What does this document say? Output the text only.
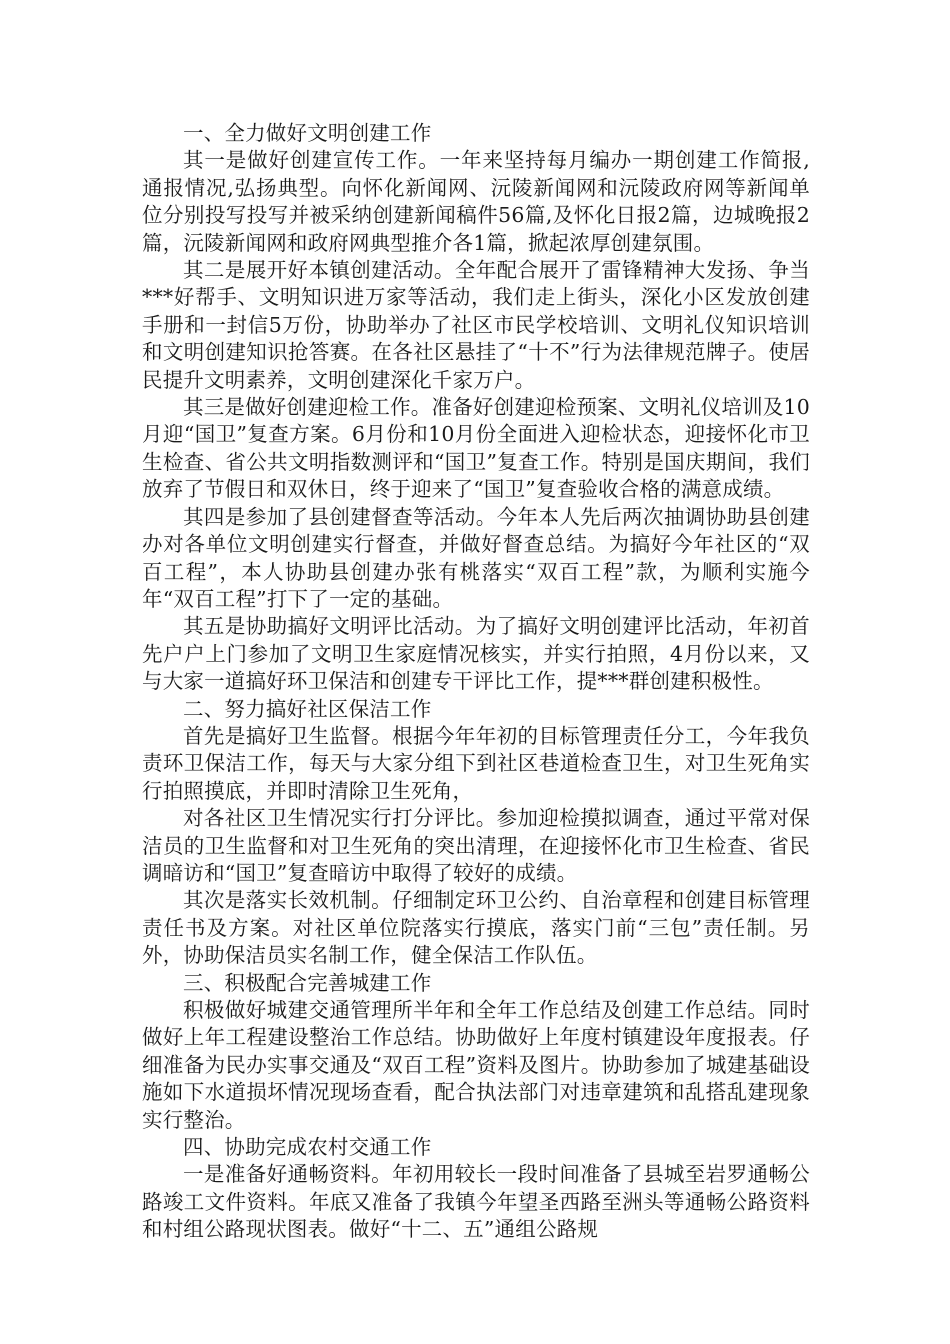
一、全力做好文明创建工作

其一是做好创建宣传工作。一年来坚持每月编办一期创建工作简报,通报情况,弘扬典型。向怀化新闻网、沅陵新闻网和沅陵政府网等新闻单位分别投写投写并被采纳创建新闻稿件56篇,及怀化日报2篇，边城晚报2篇，沅陵新闻网和政府网典型推介各1篇，掀起浓厚创建氛围。

其二是展开好本镇创建活动。全年配合展开了雷锋精神大发扬、争当***好帮手、文明知识进万家等活动，我们走上街头，深化小区发放创建手册和一封信5万份，协助举办了社区市民学校培训、文明礼仪知识培训和文明创建知识抢答赛。在各社区悬挂了“十不”行为法律规范牌子。使居民提升文明素养，文明创建深化千家万户。

其三是做好创建迎检工作。准备好创建迎检预案、文明礼仪培训及10月迎“国卫”复查方案。6月份和10月份全面进入迎检状态，迎接怀化市卫生检查、省公共文明指数测评和“国卫”复查工作。特别是国庆期间，我们放弃了节假日和双休日，终于迎来了“国卫”复查验收合格的满意成绩。

其四是参加了县创建督查等活动。今年本人先后两次抽调协助县创建办对各单位文明创建实行督查，并做好督查总结。为搞好今年社区的“双百工程”，本人协助县创建办张有桃落实“双百工程”款，为顺利实施今年“双百工程”打下了一定的基础。

其五是协助搞好文明评比活动。为了搞好文明创建评比活动，年初首先户户上门参加了文明卫生家庭情况核实，并实行拍照，4月份以来，又与大家一道搞好环卫保洁和创建专干评比工作，提***群创建积极性。

二、努力搞好社区保洁工作

首先是搞好卫生监督。根据今年年初的目标管理责任分工，今年我负责环卫保洁工作，每天与大家分组下到社区巷道检查卫生，对卫生死角实行拍照摸底，并即时清除卫生死角，

对各社区卫生情况实行打分评比。参加迎检摸拟调查，通过平常对保洁员的卫生监督和对卫生死角的突出清理，在迎接怀化市卫生检查、省民调暗访和“国卫”复查暗访中取得了较好的成绩。

其次是落实长效机制。仔细制定环卫公约、自治章程和创建目标管理责任书及方案。对社区单位院落实行摸底，落实门前“三包”责任制。另外，协助保洁员实名制工作，健全保洁工作队伍。

三、积极配合完善城建工作

积极做好城建交通管理所半年和全年工作总结及创建工作总结。同时做好上年工程建设整治工作总结。协助做好上年度村镇建设年度报表。仔细准备为民办实事交通及“双百工程”资料及图片。协助参加了城建基础设施如下水道损坏情况现场查看，配合执法部门对违章建筑和乱搭乱建现象实行整治。

四、协助完成农村交通工作

一是准备好通畅资料。年初用较长一段时间准备了县城至岩罗通畅公路竣工文件资料。年底又准备了我镇今年望圣西路至洲头等通畅公路资料和村组公路现状图表。做好“十二、五”通组公路规
